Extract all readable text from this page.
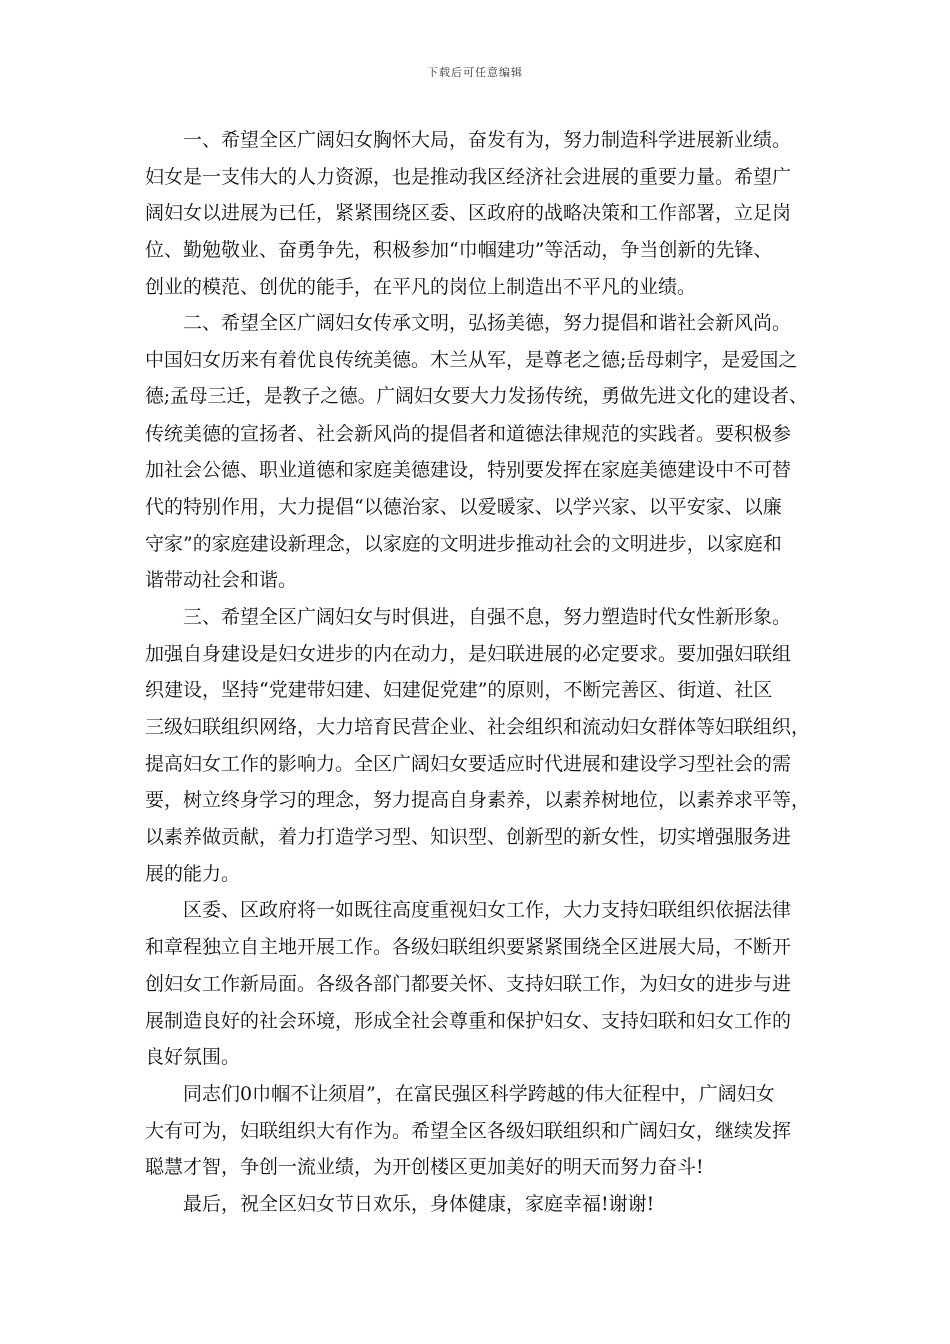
下载后可任意编辑
一、希望全区广阔妇女胸怀大局，奋发有为，努力制造科学进展新业绩。
妇女是一支伟大的人力资源，也是推动我区经济社会进展的重要力量。希望广
阔妇女以进展为已任，紧紧围绕区委、区政府的战略决策和工作部署，立足岗
位、勤勉敬业、奋勇争先，积极参加“巾帼建功”等活动，争当创新的先锋、
创业的模范、创优的能手，在平凡的岗位上制造出不平凡的业绩。
二、希望全区广阔妇女传承文明，弘扬美德，努力提倡和谐社会新风尚。
中国妇女历来有着优良传统美德。木兰从军，是尊老之德;岳母刺字，是爱国之
德;孟母三迁，是教子之德。广阔妇女要大力发扬传统，勇做先进文化的建设者、
传统美德的宣扬者、社会新风尚的提倡者和道德法律规范的实践者。要积极参
加社会公德、职业道德和家庭美德建设，特别要发挥在家庭美德建设中不可替
代的特别作用，大力提倡“以德治家、以爱暖家、以学兴家、以平安家、以廉
守家”的家庭建设新理念，以家庭的文明进步推动社会的文明进步，以家庭和
谐带动社会和谐。
三、希望全区广阔妇女与时俱进，自强不息，努力塑造时代女性新形象。
加强自身建设是妇女进步的内在动力，是妇联进展的必定要求。要加强妇联组
织建设，坚持“党建带妇建、妇建促党建”的原则，不断完善区、街道、社区
三级妇联组织网络，大力培育民营企业、社会组织和流动妇女群体等妇联组织，
提高妇女工作的影响力。全区广阔妇女要适应时代进展和建设学习型社会的需
要，树立终身学习的理念，努力提高自身素养，以素养树地位，以素养求平等，
以素养做贡献，着力打造学习型、知识型、创新型的新女性，切实增强服务进
展的能力。
区委、区政府将一如既往高度重视妇女工作，大力支持妇联组织依据法律
和章程独立自主地开展工作。各级妇联组织要紧紧围绕全区进展大局，不断开
创妇女工作新局面。各级各部门都要关怀、支持妇联工作，为妇女的进步与进
展制造良好的社会环境，形成全社会尊重和保护妇女、支持妇联和妇女工作的
良好氛围。
同志们0巾帼不让须眉”，在富民强区科学跨越的伟大征程中，广阔妇女
大有可为，妇联组织大有作为。希望全区各级妇联组织和广阔妇女，继续发挥
聪慧才智，争创一流业绩，为开创楼区更加美好的明天而努力奋斗!
最后，祝全区妇女节日欢乐，身体健康，家庭幸福!谢谢!
